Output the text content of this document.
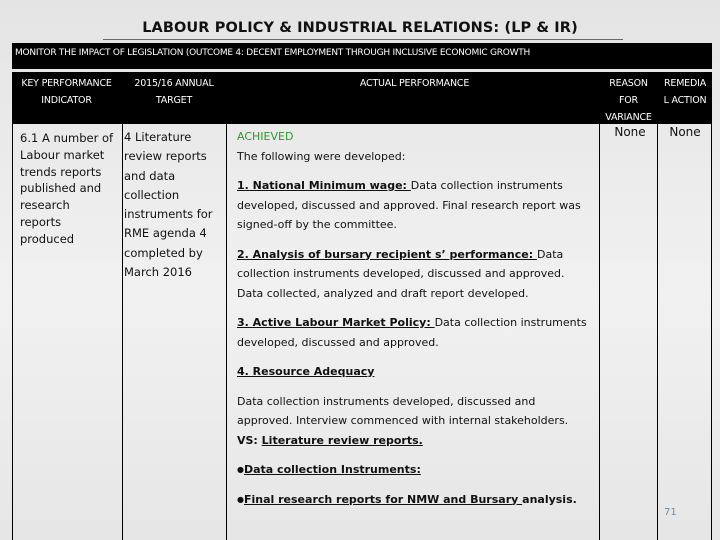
LABOUR POLICY & INDUSTRIAL RELATIONS: (LP & IR)
MONITOR THE IMPACT OF LEGISLATION (OUTCOME 4: DECENT EMPLOYMENT THROUGH INCLUSIVE ECONOMIC GROWTH
KEY PERFORMANCE
INDICATOR
2015/16 ANNUAL
TARGET
ACTUAL PERFORMANCE	REASON
FOR
VARIANCE
REMEDIA
L ACTION
6.1 A number of
Labour market
trends reports
published and
research
reports
produced
4 Literature
review reports
and data
collection
instruments for
RME agenda 4
completed by
March 2016

ACHIEVED

The following were developed:

1. National Minimum wage: Data collection instruments

developed, discussed and approved. Final research report was

signed-off by the committee.

2. Analysis of bursary recipient s’ performance: Data

collection instruments developed, discussed and approved.

Data collected, analyzed and draft report developed.

3. Active Labour Market Policy: Data collection instruments

developed, discussed and approved.

4. Resource Adequacy

Data collection instruments developed, discussed and

approved. Interview commenced with internal stakeholders.

VS: Literature review reports.

●Data collection Instruments:

●Final research reports for NMW and Bursary analysis.

None	None
71
